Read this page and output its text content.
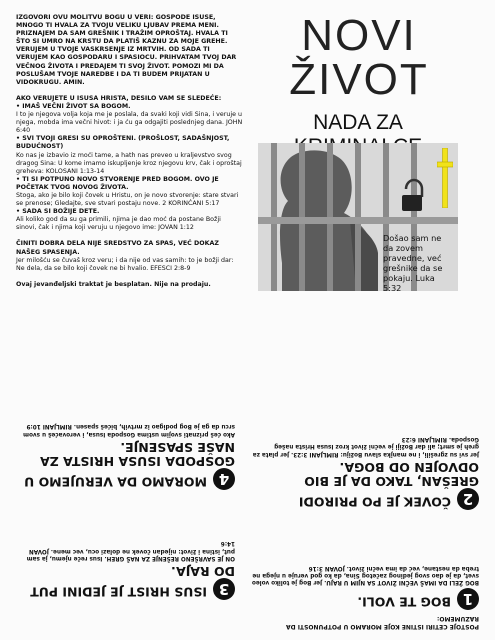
IZGOVORI OVU MOLITVU BOGU U VERI: GOSPODE ISUSE, MNOGO TI HVALA ZA TVOJU VELIKU LJUBAV PREMA MENI. PRIZNAJEM DA SAM GREŠNIK I TRAŽIM OPROŠTAJ. HVALA TI ŠTO SI UMRO NA KRSTU DA PLATIŠ KAZNU ZA MOJE GREHE. VERUJEM U TVOJE VASKRSENJE IZ MRTVIH. OD SADA TI VERUJEM KAO GOSPODARU I SPASIOCU. PRIHVATAM TVOJ DAR VEČNOG ŽIVOTA I PREDAJEM TI SVOJ ŽIVOT. POMOZI MI DA POSLUŠAM TVOJE NAREDBE I DA TI BUDEM PRIJATAN U VIDOKRUGU. AMIN.

AKO VERUJETE U ISUSA HRISTA, DESILO VAM SE SLEDEĆE:
• IMAŠ VEČNI ŽIVOT SA BOGOM.
I to je njegova volja koja me je poslala, da svaki koji vidi Sina, i veruje u njega, mobda ima večni hivot: i ja ću ga odgajiti poslednjeg dana. JOHN 6:40
• SVI TVOJI GRESI SU OPROŠTENI. (PROŠLOST, SADAŠNJOST, BUDUĆNOST)
Ko nas je izbavio iz moći tame, a hath nas preveo u kraljevstvo svog dragog Sina: U kome imamo iskupljenje kroz njegovu krv, čak i oproštaj greheva: KOLOSANI 1:13-14
• TI SI POTPUNO NOVO STVORENJE PRED BOGOM. OVO JE POČETAK TVOG NOVOG ŽIVOTA.
Stoga, ako je bilo koji čovek u Hristu, on je novo stvorenje: stare stvari se prenose; Gledajte, sve stvari postaju nove. 2 KORINĆANI 5:17
• SADA SI BOŽIJE DETE.
Ali koliko god da su ga primili, njima je dao moć da postane Božji sinovi, čak i njima koji veruju u njegovo ime: JOVAN 1:12

ČINITI DOBRA DELA NIJE SREDSTVO ZA SPAS, VEĆ DOKAZ NAŠEG SPASENJA.
Jer milošću se čuvaš kroz veru; i da nije od vas samih: to je božji dar: Ne dela, da se bilo koji čovek ne bi hvalio. EFESCI 2:8-9

Ovaj jevanđeljski traktat je besplatan. Nije na prodaju.

NOVI
ŽIVOT
NADA ZA
Došao sam ne da zovem pravedne, već grešnike da se pokaju. Luka 5:32
POSTOJE ČETIRI ISTINE KOJE MORAMO U POTPUNOSTI DA RAZUMEMO:
1BOG TE VOLI.

BOG ŽELI DA IMAŠ VEČNI ŽIVOT SA NJIM U RAJU. Jer Bog je toliko voleo svet, da je dao svog jedinog začetog Sina, da ko god veruje u njega ne treba da nestane, već da ima večni život. JOVAN 3:16

2ČOVEK JE PO PRIRODI GREŠAN, TAKO DA JE BIO ODVOJEN OD BOGA.

Jer svi su zgrešili, i ne manjka slavu Božiju: RIMLJANI 3:23. Jer plata za greh je smrt; ali dar Božiji je večni život kroz Isusa Hrista našeg Gospoda. RIMLJANI 6:23

3ISUS HRIST JE JEDINI PUT DO RAJA.

ON JE SAVRŠENO REŠENJE ZA NAŠ GREH. Isus reče njemu, ja sam put, istina i život: nijedan čovek ne dolazi ocu, vec mene. JOVAN 14:6

4MORAMO DA VERUJEMO U GOSPODA ISUSA HRISTA ZA NAŠE SPASENJE.

Ako ćeš priznati svojim ustima Gospoda Isusa, i verovaćeš u svom srcu da ga je Bog podigao iz mrtvih, bićeš spasen. RIMLJANI 10:9
